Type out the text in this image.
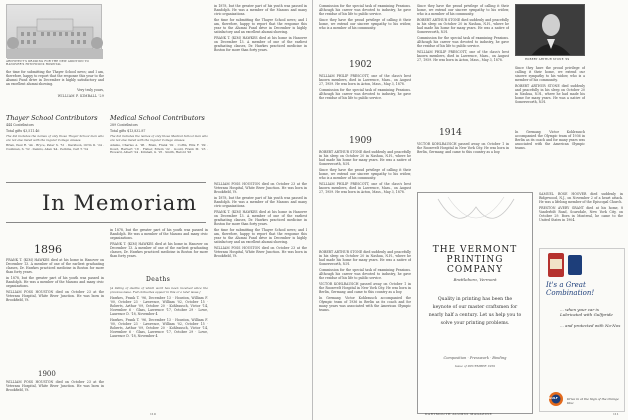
ARCHITECT'S DRAWING FOR THE NEW ADDITION TO HANOVER'S HITCHCOCK HOSPITAL

the time for submitting the Thayer School news; and I am, therefore, happy to report that the response this year to the Alumni Fund drive in December is highly satisfactory and an excellent alumni showing.

Very truly yours,

WILLIAM P. KIMBALL '29

Thayer School Contributors

444 Contributors

Total gifts $3,511.46

The list includes the names of only those Thayer School men who are not also listed with the regular College classes.

Brian, Paul R. '44 · Bryce, Peter S. '51 · Davidson, Orrin D. '24 · Cushman, S. '52 · Dennis, Allen '44 · Perkins, Carl T. '54

Medical School Contributors

289 Contributors

Total gifts $13,832.87

The list includes the names of only those Medical School men who are not also listed with the regular College classes.

Adams, Charles A. '96 · Blum, Frank '02 · Coffin, Ellis F. '09 · Dowd, Herbert '18 · Fisher, Edwin '22 · Gould, Frank M. '23 · Howard, Albert '24 · Kimball, G. '25 · Smith, Harold '26

in 1878, but the greater part of his youth was passed in Randolph. He was a member of the Masons and many civic organizations.

the time for submitting the Thayer School news; and I am, therefore, happy to report that the response this year to the Alumni Fund drive in December is highly satisfactory and an excellent alumni showing.

FRANK T. (KIM) HAWKES died at his home in Hanover on December 13. A member of one of the earliest graduating classes, Dr. Hawkes practiced medicine in Boston for more than forty years.

In Memoriam
1896

FRANK T. (KIM) HAWKES died at his home in Hanover on December 13. A member of one of the earliest graduating classes, Dr. Hawkes practiced medicine in Boston for more than forty years.

in 1878, but the greater part of his youth was passed in Randolph. He was a member of the Masons and many civic organizations.

WILLIAM FOSS HOUSTON died on October 23 at the Veterans Hospital, White River Junction. He was born in Brookfield, Vt.

1900

WILLIAM FOSS HOUSTON died on October 23 at the Veterans Hospital, White River Junction. He was born in Brookfield, Vt.

in 1878, but the greater part of his youth was passed in Randolph. He was a member of the Masons and many civic organizations.

FRANK T. (KIM) HAWKES died at his home in Hanover on December 13. A member of one of the earliest graduating classes, Dr. Hawkes practiced medicine in Boston for more than forty years.

Deaths

[A listing of deaths of which word has been received since the previous issue. Full obituaries appear in this or a later issue.]

Hawkes, Frank T. '96, December 13 · Houston, William F. '00, October 23 · Lawrence, William '02, October 15 · Roberts, Arthur '09, October 20 · Kohlrausch, Victor '14, November 6 · Glass, Lawrence '17, October 29 · Lowe, Laurence D. '18, November 4

Hawkes, Frank T. '96, December 13 · Houston, William F. '00, October 23 · Lawrence, William '02, October 15 · Roberts, Arthur '09, October 20 · Kohlrausch, Victor '14, November 6 · Glass, Lawrence '17, October 29 · Lowe, Laurence D. '18, November 4

WILLIAM FOSS HOUSTON died on October 23 at the Veterans Hospital, White River Junction. He was born in Brookfield, Vt.

in 1878, but the greater part of his youth was passed in Randolph. He was a member of the Masons and many civic organizations.

FRANK T. (KIM) HAWKES died at his home in Hanover on December 13. A member of one of the earliest graduating classes, Dr. Hawkes practiced medicine in Boston for more than forty years.

the time for submitting the Thayer School news; and I am, therefore, happy to report that the response this year to the Alumni Fund drive in December is highly satisfactory and an excellent alumni showing.

WILLIAM FOSS HOUSTON died on October 23 at the Veterans Hospital, White River Junction. He was born in Brookfield, Vt.

110

Commission for the special task of examining Pensions. Although his career was devoted to industry, he gave the residue of his life to public service.

Since they have the proud privilege of calling it their home, we extend our sincere sympathy to his widow, who is a member of his community.

1902

WILLIAM PHILIP PRESCOTT, one of the class's best known members, died in Lawrence, Mass., on August 27, 1959. He was born in Acton, Mass., May 3, 1878.

Commission for the special task of examining Pensions. Although his career was devoted to industry, he gave the residue of his life to public service.

1909

ROBERT ARTHUR STONE died suddenly and peacefully in his sleep on October 20 in Nashua, N.H., where he had made his home for many years. He was a native of Somersworth, N.H.

Since they have the proud privilege of calling it their home, we extend our sincere sympathy to his widow, who is a member of his community.

WILLIAM PHILIP PRESCOTT, one of the class's best known members, died in Lawrence, Mass., on August 27, 1959. He was born in Acton, Mass., May 3, 1878.

Since they have the proud privilege of calling it their home, we extend our sincere sympathy to his widow, who is a member of his community.

ROBERT ARTHUR STONE died suddenly and peacefully in his sleep on October 20 in Nashua, N.H., where he had made his home for many years. He was a native of Somersworth, N.H.

Commission for the special task of examining Pensions. Although his career was devoted to industry, he gave the residue of his life to public service.

WILLIAM PHILIP PRESCOTT, one of the class's best known members, died in Lawrence, Mass., on August 27, 1959. He was born in Acton, Mass., May 3, 1878.	ROBERT ARTHUR STONE '09

Since they have the proud privilege of calling it their home, we extend our sincere sympathy to his widow, who is a member of his community.

ROBERT ARTHUR STONE died suddenly and peacefully in his sleep on October 20 in Nashua, N.H., where he had made his home for many years. He was a native of Somersworth, N.H.

1914

VICTOR KOHLRAUSCH passed away on October 1 in the Roosevelt Hospital in New York City. He was born in Berlin, Germany, and came to this country as a boy.

In Germany, Victor Kohlrausch accompanied the Olympic team of 1936 in Berlin as its coach and for many years was associated with the American Olympic teams.

THE VERMONT
PRINTING COMPANY
Brattleboro, Vermont
Quality in printing has been the keynote of our master craftsmen for nearly half a century. Let us help you to solve your printing problems.
Composition · Presswork · Binding
Issue of DECEMBER 1959

SAMUEL ROSE HOOVER died suddenly in Ridgewood, N.J., on November 2 of a heart attack. He was a lifelong member of the Episcopal Church.

PRESTON AVERY GRANT died at his home, 8 Vanderbilt Road, Scarsdale, New York City, on October 29. Born in Montreal, he came to the United States in 1904.

ROBERT ARTHUR STONE died suddenly and peacefully in his sleep on October 20 in Nashua, N.H., where he had made his home for many years. He was a native of Somersworth, N.H.

Commission for the special task of examining Pensions. Although his career was devoted to industry, he gave the residue of his life to public service.

VICTOR KOHLRAUSCH passed away on October 1 in the Roosevelt Hospital in New York City. He was born in Berlin, Germany, and came to this country as a boy.

In Germany, Victor Kohlrausch accompanied the Olympic team of 1936 in Berlin as its coach and for many years was associated with the American Olympic teams.

It's a Great Combination!
... when your car is Lubricated with Gulfpride
... and protected with No-Nox
GULF	Drive in at the Sign of the Orange Disc
DARTMOUTH ALUMNI MAGAZINE	111
